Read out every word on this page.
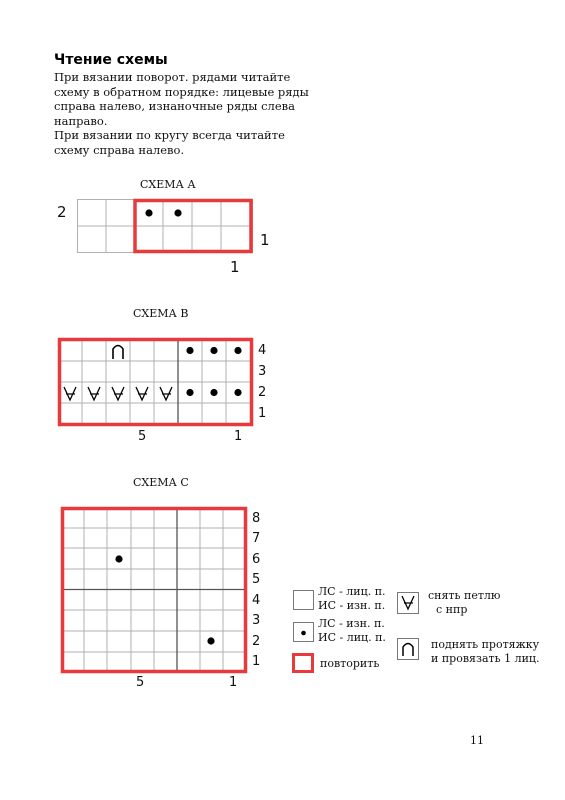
Чтение схемы

При вязании поворот. рядами читайте

схему в обратном порядке: лицевые ряды

справа налево, изнаночные ряды слева

направо.

При вязании по кругу всегда читайте

схему справа налево.

СХЕМА А
2
1
1
СХЕМА В
4
3
2
1
5	1
СХЕМА С
8
7
6
5
4
3
2
1
5	1
ЛС - лиц. п.
ИС - изн. п.
ЛС - изн. п.
ИС - лиц. п.
повторить
снять петлю
с нпр
поднять протяжку
и провязать 1 лиц.
11
